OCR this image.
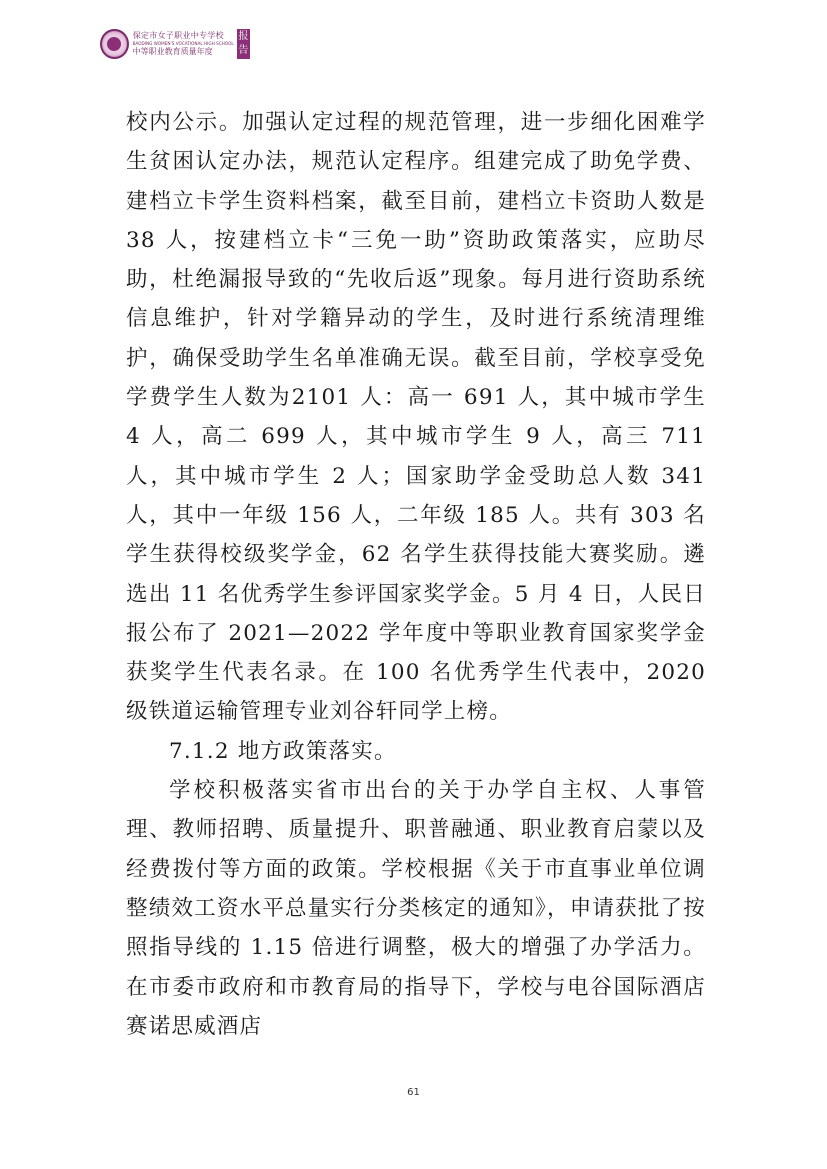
保定市女子职业中专学校
BAODING WOMEN'S VOCATIONAL HIGH SCHOOL
中等职业教育质量年度
报告

校内公示。加强认定过程的规范管理，进一步细化困难学生贫困认定办法，规范认定程序。组建完成了助免学费、建档立卡学生资料档案，截至目前，建档立卡资助人数是 38 人，按建档立卡“三免一助”资助政策落实，应助尽助，杜绝漏报导致的“先收后返”现象。每月进行资助系统信息维护，针对学籍异动的学生，及时进行系统清理维护，确保受助学生名单准确无误。截至目前，学校享受免学费学生人数为2101 人：高一 691 人，其中城市学生 4 人，高二 699 人，其中城市学生 9 人，高三 711 人，其中城市学生 2 人；国家助学金受助总人数 341 人，其中一年级 156 人，二年级 185 人。共有 303 名学生获得校级奖学金，62 名学生获得技能大赛奖励。遴选出 11 名优秀学生参评国家奖学金。5 月 4 日，人民日报公布了 2021—2022 学年度中等职业教育国家奖学金获奖学生代表名录。在 100 名优秀学生代表中，2020 级铁道运输管理专业刘谷轩同学上榜。

7.1.2 地方政策落实。

学校积极落实省市出台的关于办学自主权、人事管理、教师招聘、质量提升、职普融通、职业教育启蒙以及经费拨付等方面的政策。学校根据《关于市直事业单位调整绩效工资水平总量实行分类核定的通知》，申请获批了按照指导线的 1.15 倍进行调整，极大的增强了办学活力。在市委市政府和市教育局的指导下，学校与电谷国际酒店赛诺思威酒店

61
